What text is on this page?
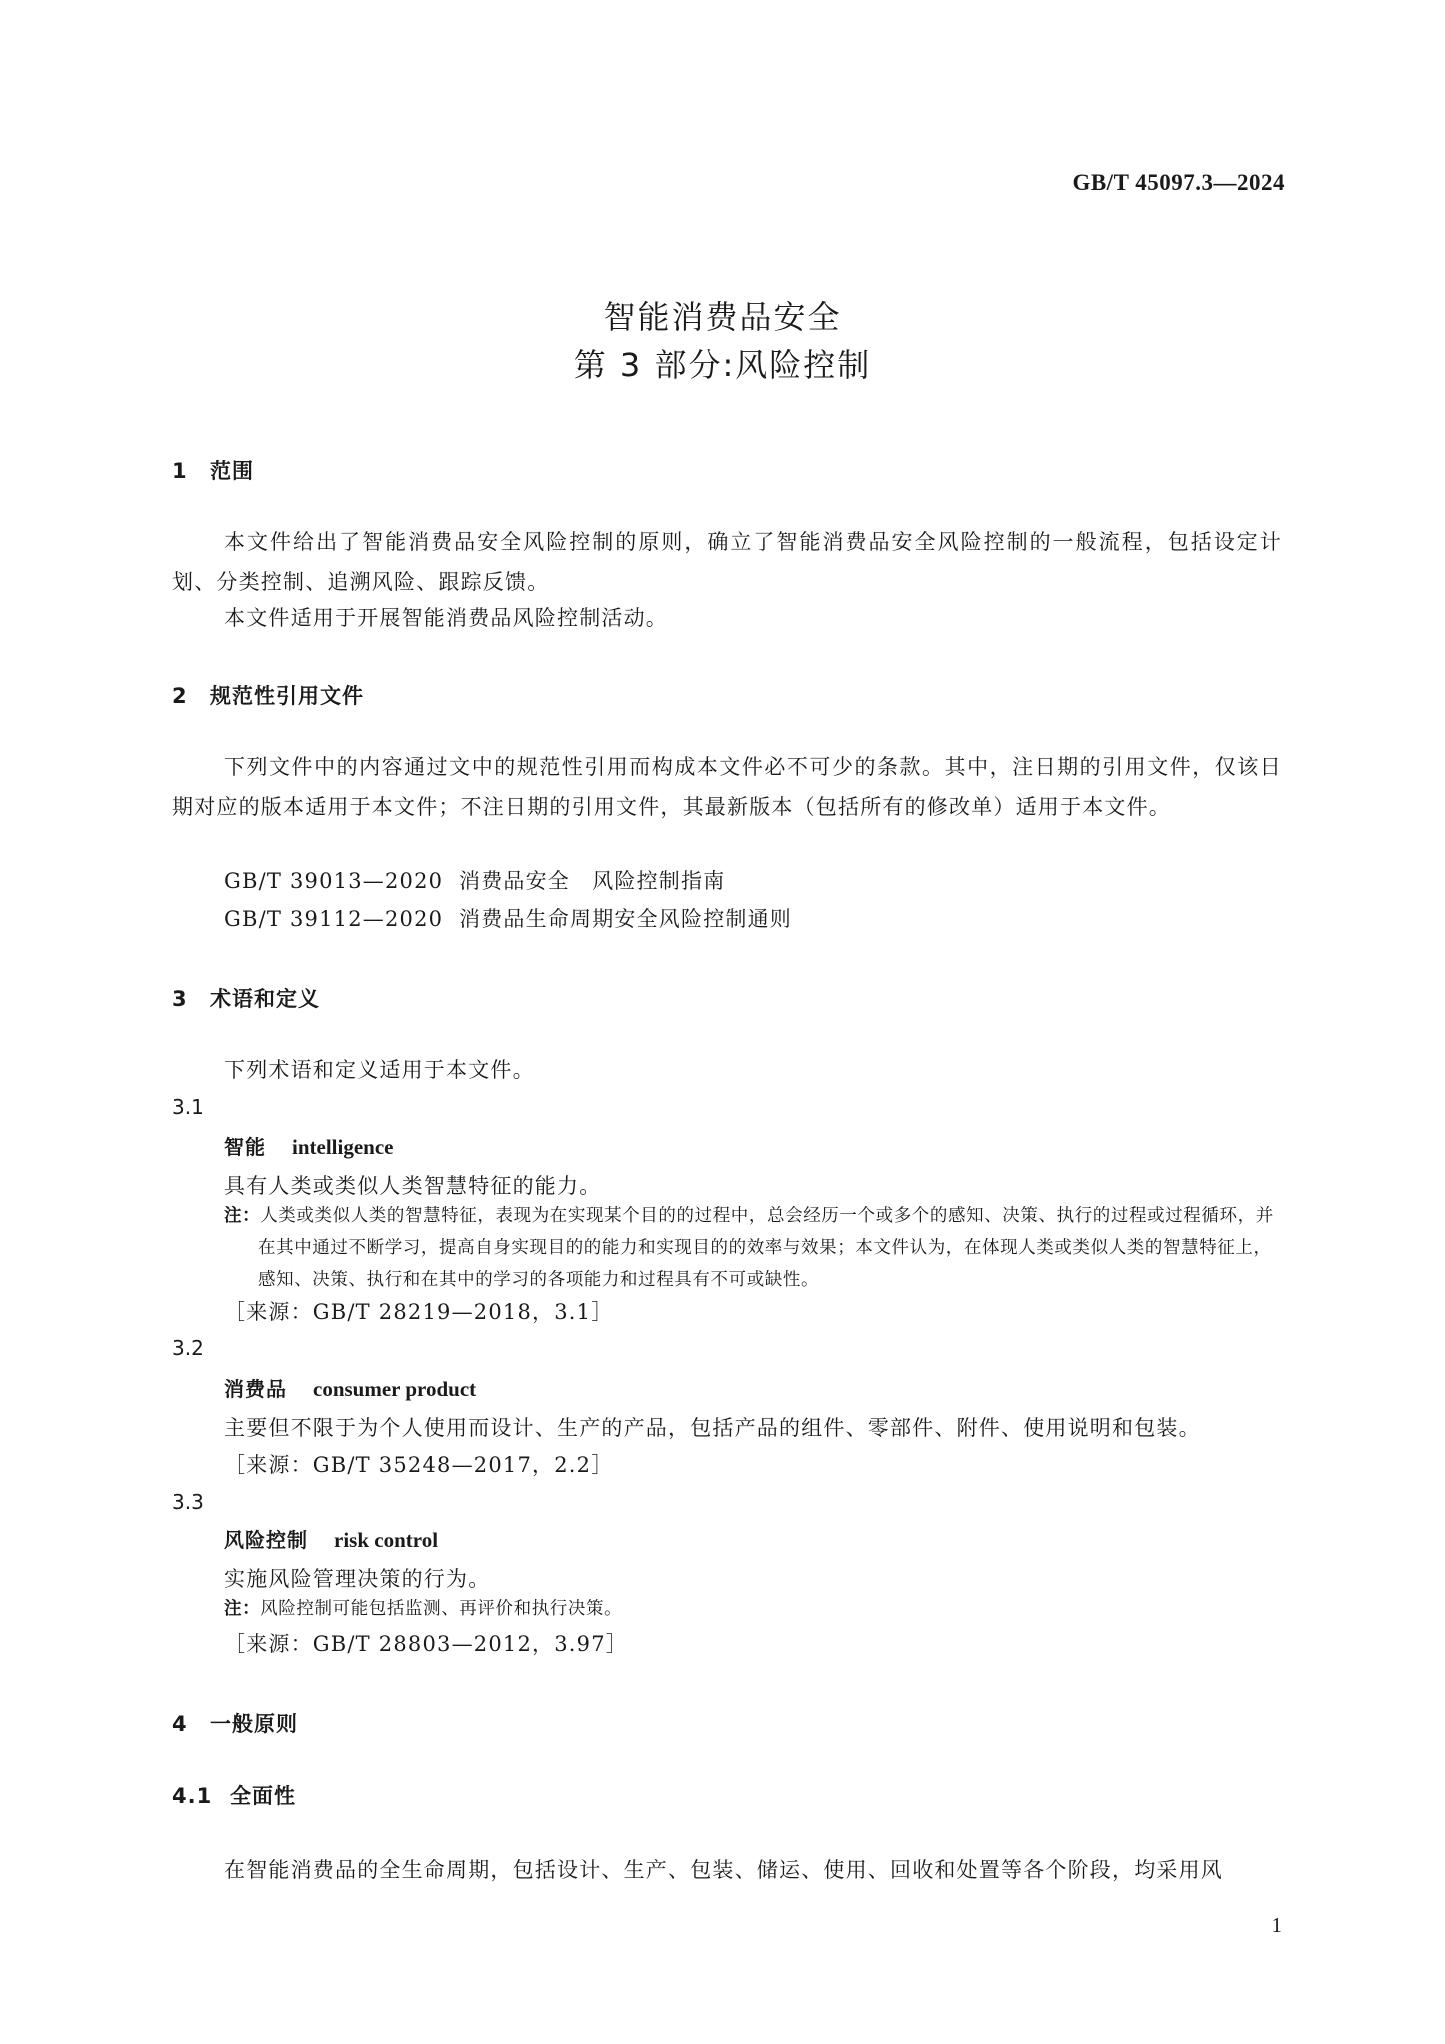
GB/T 45097.3—2024
智能消费品安全
第 3 部分:风险控制
1 范围
本文件给出了智能消费品安全风险控制的原则，确立了智能消费品安全风险控制的一般流程，包括设定计划、分类控制、追溯风险、跟踪反馈。
本文件适用于开展智能消费品风险控制活动。
2 规范性引用文件
下列文件中的内容通过文中的规范性引用而构成本文件必不可少的条款。其中，注日期的引用文件，仅该日期对应的版本适用于本文件；不注日期的引用文件，其最新版本（包括所有的修改单）适用于本文件。
GB/T 39013—2020 消费品安全　风险控制指南
GB/T 39112—2020 消费品生命周期安全风险控制通则
3 术语和定义
下列术语和定义适用于本文件。
3.1
智能 intelligence
具有人类或类似人类智慧特征的能力。
注：人类或类似人类的智慧特征，表现为在实现某个目的的过程中，总会经历一个或多个的感知、决策、执行的过程或过程循环，并在其中通过不断学习，提高自身实现目的的能力和实现目的的效率与效果；本文件认为，在体现人类或类似人类的智慧特征上，感知、决策、执行和在其中的学习的各项能力和过程具有不可或缺性。
［来源：GB/T 28219—2018，3.1］
3.2
消费品 consumer product
主要但不限于为个人使用而设计、生产的产品，包括产品的组件、零部件、附件、使用说明和包装。
［来源：GB/T 35248—2017，2.2］
3.3
风险控制 risk control
实施风险管理决策的行为。
注：风险控制可能包括监测、再评价和执行决策。
［来源：GB/T 28803—2012，3.97］
4 一般原则
4.1 全面性
在智能消费品的全生命周期，包括设计、生产、包装、储运、使用、回收和处置等各个阶段，均采用风
1
